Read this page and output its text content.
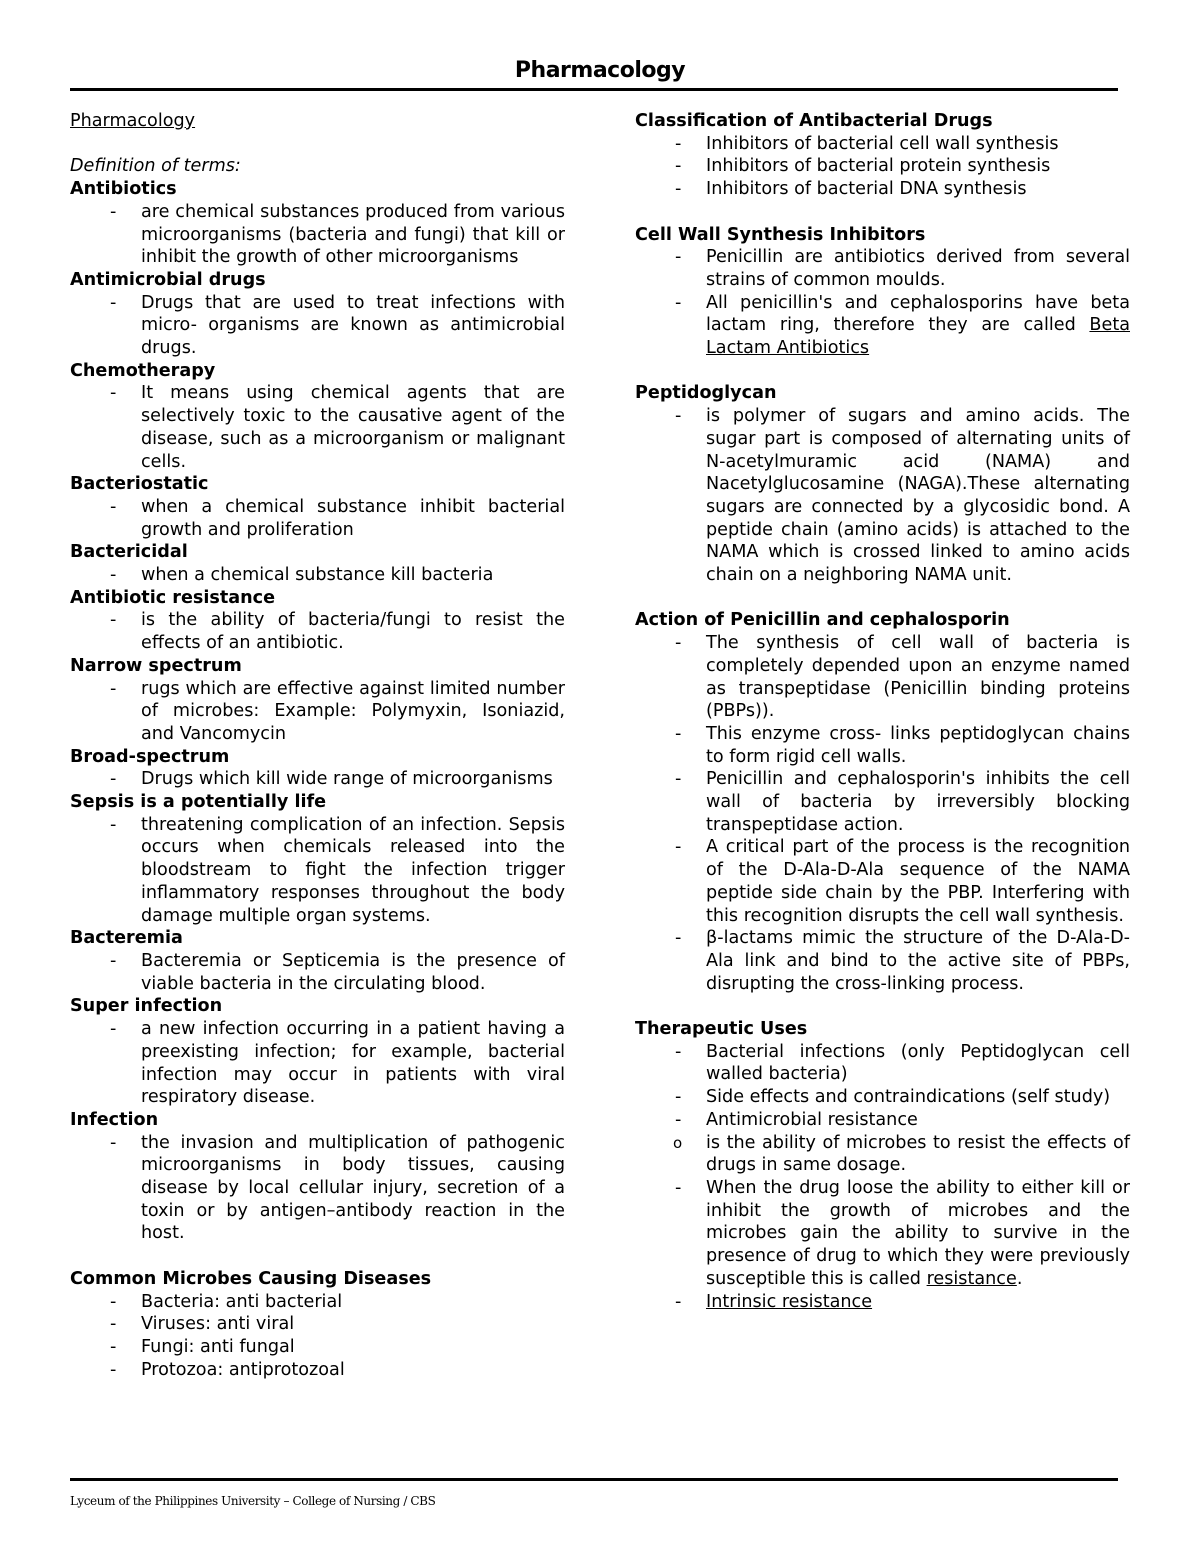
Pharmacology

Pharmacology

Definition of terms:

Antibiotics

- are chemical substances produced from various microorganisms (bacteria and fungi) that kill or inhibit the growth of other microorganisms

Antimicrobial drugs

- Drugs that are used to treat infections with micro- organisms are known as antimicrobial drugs.

Chemotherapy

- It means using chemical agents that are selectively toxic to the causative agent of the disease, such as a microorganism or malignant cells.

Bacteriostatic

- when a chemical substance inhibit bacterial growth and proliferation

Bactericidal

- when a chemical substance kill bacteria

Antibiotic resistance

- is the ability of bacteria/fungi to resist the effects of an antibiotic.

Narrow spectrum

- rugs which are effective against limited number of microbes: Example: Polymyxin, Isoniazid, and Vancomycin

Broad-spectrum

- Drugs which kill wide range of microorganisms

Sepsis is a potentially life

- threatening complication of an infection. Sepsis occurs when chemicals released into the bloodstream to fight the infection trigger inflammatory responses throughout the body damage multiple organ systems.

Bacteremia

- Bacteremia or Septicemia is the presence of viable bacteria in the circulating blood.

Super infection

- a new infection occurring in a patient having a preexisting infection; for example, bacterial infection may occur in patients with viral respiratory disease.

Infection

- the invasion and multiplication of pathogenic microorganisms in body tissues, causing disease by local cellular injury, secretion of a toxin or by antigen–antibody reaction in the host.

Common Microbes Causing Diseases

- Bacteria: anti bacterial
- Viruses: anti viral
- Fungi: anti fungal
- Protozoa: antiprotozoal

Classification of Antibacterial Drugs

- Inhibitors of bacterial cell wall synthesis
- Inhibitors of bacterial protein synthesis
- Inhibitors of bacterial DNA synthesis

Cell Wall Synthesis Inhibitors

- Penicillin are antibiotics derived from several strains of common moulds.
- All penicillin's and cephalosporins have beta lactam ring, therefore they are called Beta Lactam Antibiotics

Peptidoglycan

- is polymer of sugars and amino acids. The sugar part is composed of alternating units of N-acetylmuramic acid (NAMA) and Nacetylglucosamine (NAGA).These alternating sugars are connected by a glycosidic bond. A peptide chain (amino acids) is attached to the NAMA which is crossed linked to amino acids chain on a neighboring NAMA unit.

Action of Penicillin and cephalosporin

- The synthesis of cell wall of bacteria is completely depended upon an enzyme named as transpeptidase (Penicillin binding proteins (PBPs)).
- This enzyme cross- links peptidoglycan chains to form rigid cell walls.
- Penicillin and cephalosporin's inhibits the cell wall of bacteria by irreversibly blocking transpeptidase action.
- A critical part of the process is the recognition of the D-Ala-D-Ala sequence of the NAMA peptide side chain by the PBP. Interfering with this recognition disrupts the cell wall synthesis.
- β-lactams mimic the structure of the D-Ala-D-Ala link and bind to the active site of PBPs, disrupting the cross-linking process.

Therapeutic Uses

- Bacterial infections (only Peptidoglycan cell walled bacteria)
- Side effects and contraindications (self study)
- Antimicrobial resistance
o is the ability of microbes to resist the effects of drugs in same dosage.
- When the drug loose the ability to either kill or inhibit the growth of microbes and the microbes gain the ability to survive in the presence of drug to which they were previously susceptible this is called resistance.
- Intrinsic resistance
Lyceum of the Philippines University – College of Nursing / CBS
